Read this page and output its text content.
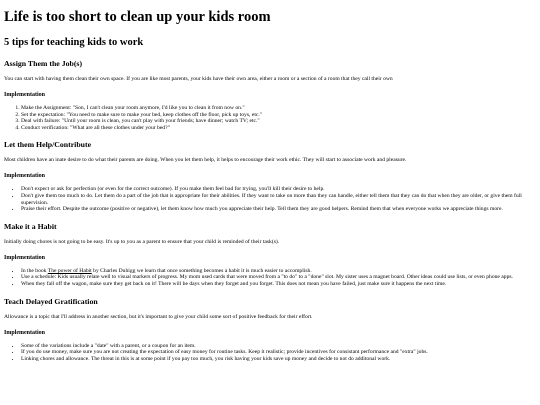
Life is too short to clean up your kids room
5 tips for teaching kids to work
Assign Them the Job(s)

You can start with having them clean their own space. If you are like most parents, your kids have their own area, either a room or a section of a room that they call their own

Implementation
1. Make the Assignment: "Son, I can't clean your room anymore, I'd like you to clean it from now on."
2. Set the expectation: "You need to make sure to make your bed, keep clothes off the floor, pick up toys, etc."
3. Deal with failure: "Until your room is clean, you can't play with your friends; have dinner; watch TV; etc."
4. Conduct verification: "What are all these clothes under your bed?"
Let them Help/Contribute

Most children have an inate desire to do what their parents are doing. When you let them help, it helps to encourage their work ethic. They will start to associate work and pleasure.

Implementation
• Don't expect or ask for perfection (or even for the correct outcome). If you make them feel bad for trying, you'll kill their desire to help.
• Don't give them too much to do. Let them do a part of the job that is appropriate for their abilities. If they want to take on more than they can handle, either tell them that they can do that when they are older, or give them full supervision.
• Praise their effort. Despite the outcome (positive or negative), let them know how much you appreciate their help. Tell them they are good helpers. Remind them that when everyone works we appreciate things more.
Make it a Habit

Initially doing chores is not going to be easy. It's up to you as a parent to ensure that your child is reminded of their task(s).

Implementation
• In the book The power of Habit by Charles Duhigg we learn that once something becomes a habit it is much easier to accomplish.
• Use a schedule: Kids usually relate well to visual markers of progress. My mom used cards that were moved from a "to do" to a "done" slot. My sister uses a magnet board. Other ideas could use lists, or even phone apps.
• When they fall off the wagon, make sure they get back on it! There will be days when they forget and you forget. This does not mean you have failed, just make sure it happens the next time.
Teach Delayed Gratification

Allowance is a topic that I'll address in another section, but it's important to give your child some sort of positive feedback for their effort.

Implementation
• Some of the variations include a "date" with a parent, or a coupon for an item.
• If you do use money, make sure you are not creating the expectation of easy money for routine tasks. Keep it realistic; provide incentives for consistant performance and "extra" jobs.
• Linking chores and allowance. The threat in this is at some point if you pay too much, you risk having your kids save up money and decide to not do additonal work.
